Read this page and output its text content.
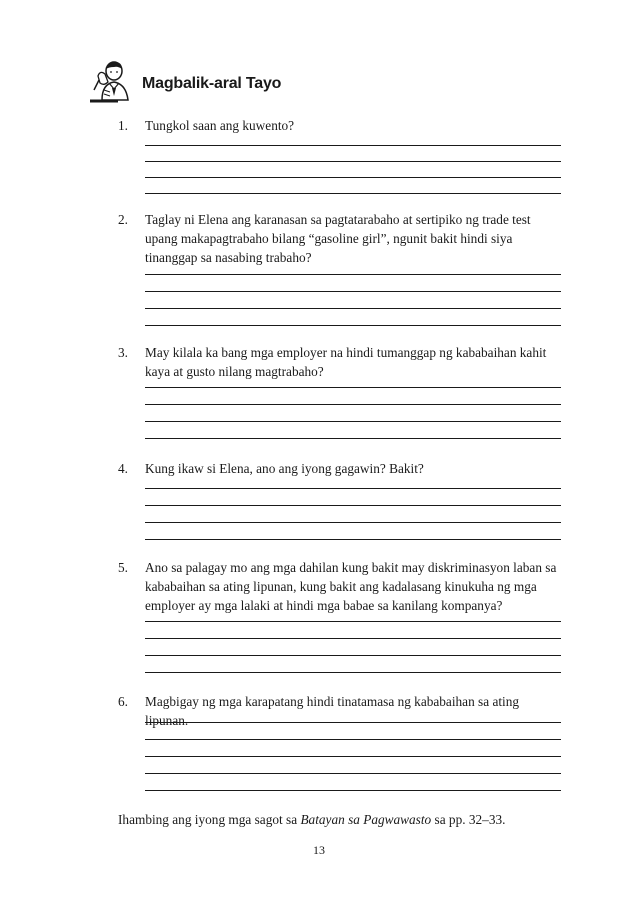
Magbalik-aral Tayo
1. Tungkol saan ang kuwento?
2. Taglay ni Elena ang karanasan sa pagtatarabaho at sertipiko ng trade test upang makapagtrabaho bilang “gasoline girl”, ngunit bakit hindi siya tinanggap sa nasabing trabaho?
3. May kilala ka bang mga employer na hindi tumanggap ng kababaihan kahit kaya at gusto nilang magtrabaho?
4. Kung ikaw si Elena, ano ang iyong gagawin? Bakit?
5. Ano sa palagay mo ang mga dahilan kung bakit may diskriminasyon laban sa kababaihan sa ating lipunan, kung bakit ang kadalasang kinukuha ng mga employer ay mga lalaki at hindi mga babae sa kanilang kompanya?
6. Magbigay ng mga karapatang hindi tinatamasa ng kababaihan sa ating lipunan.
Ihambing ang iyong mga sagot sa Batayan sa Pagwawasto sa pp. 32–33.
13
